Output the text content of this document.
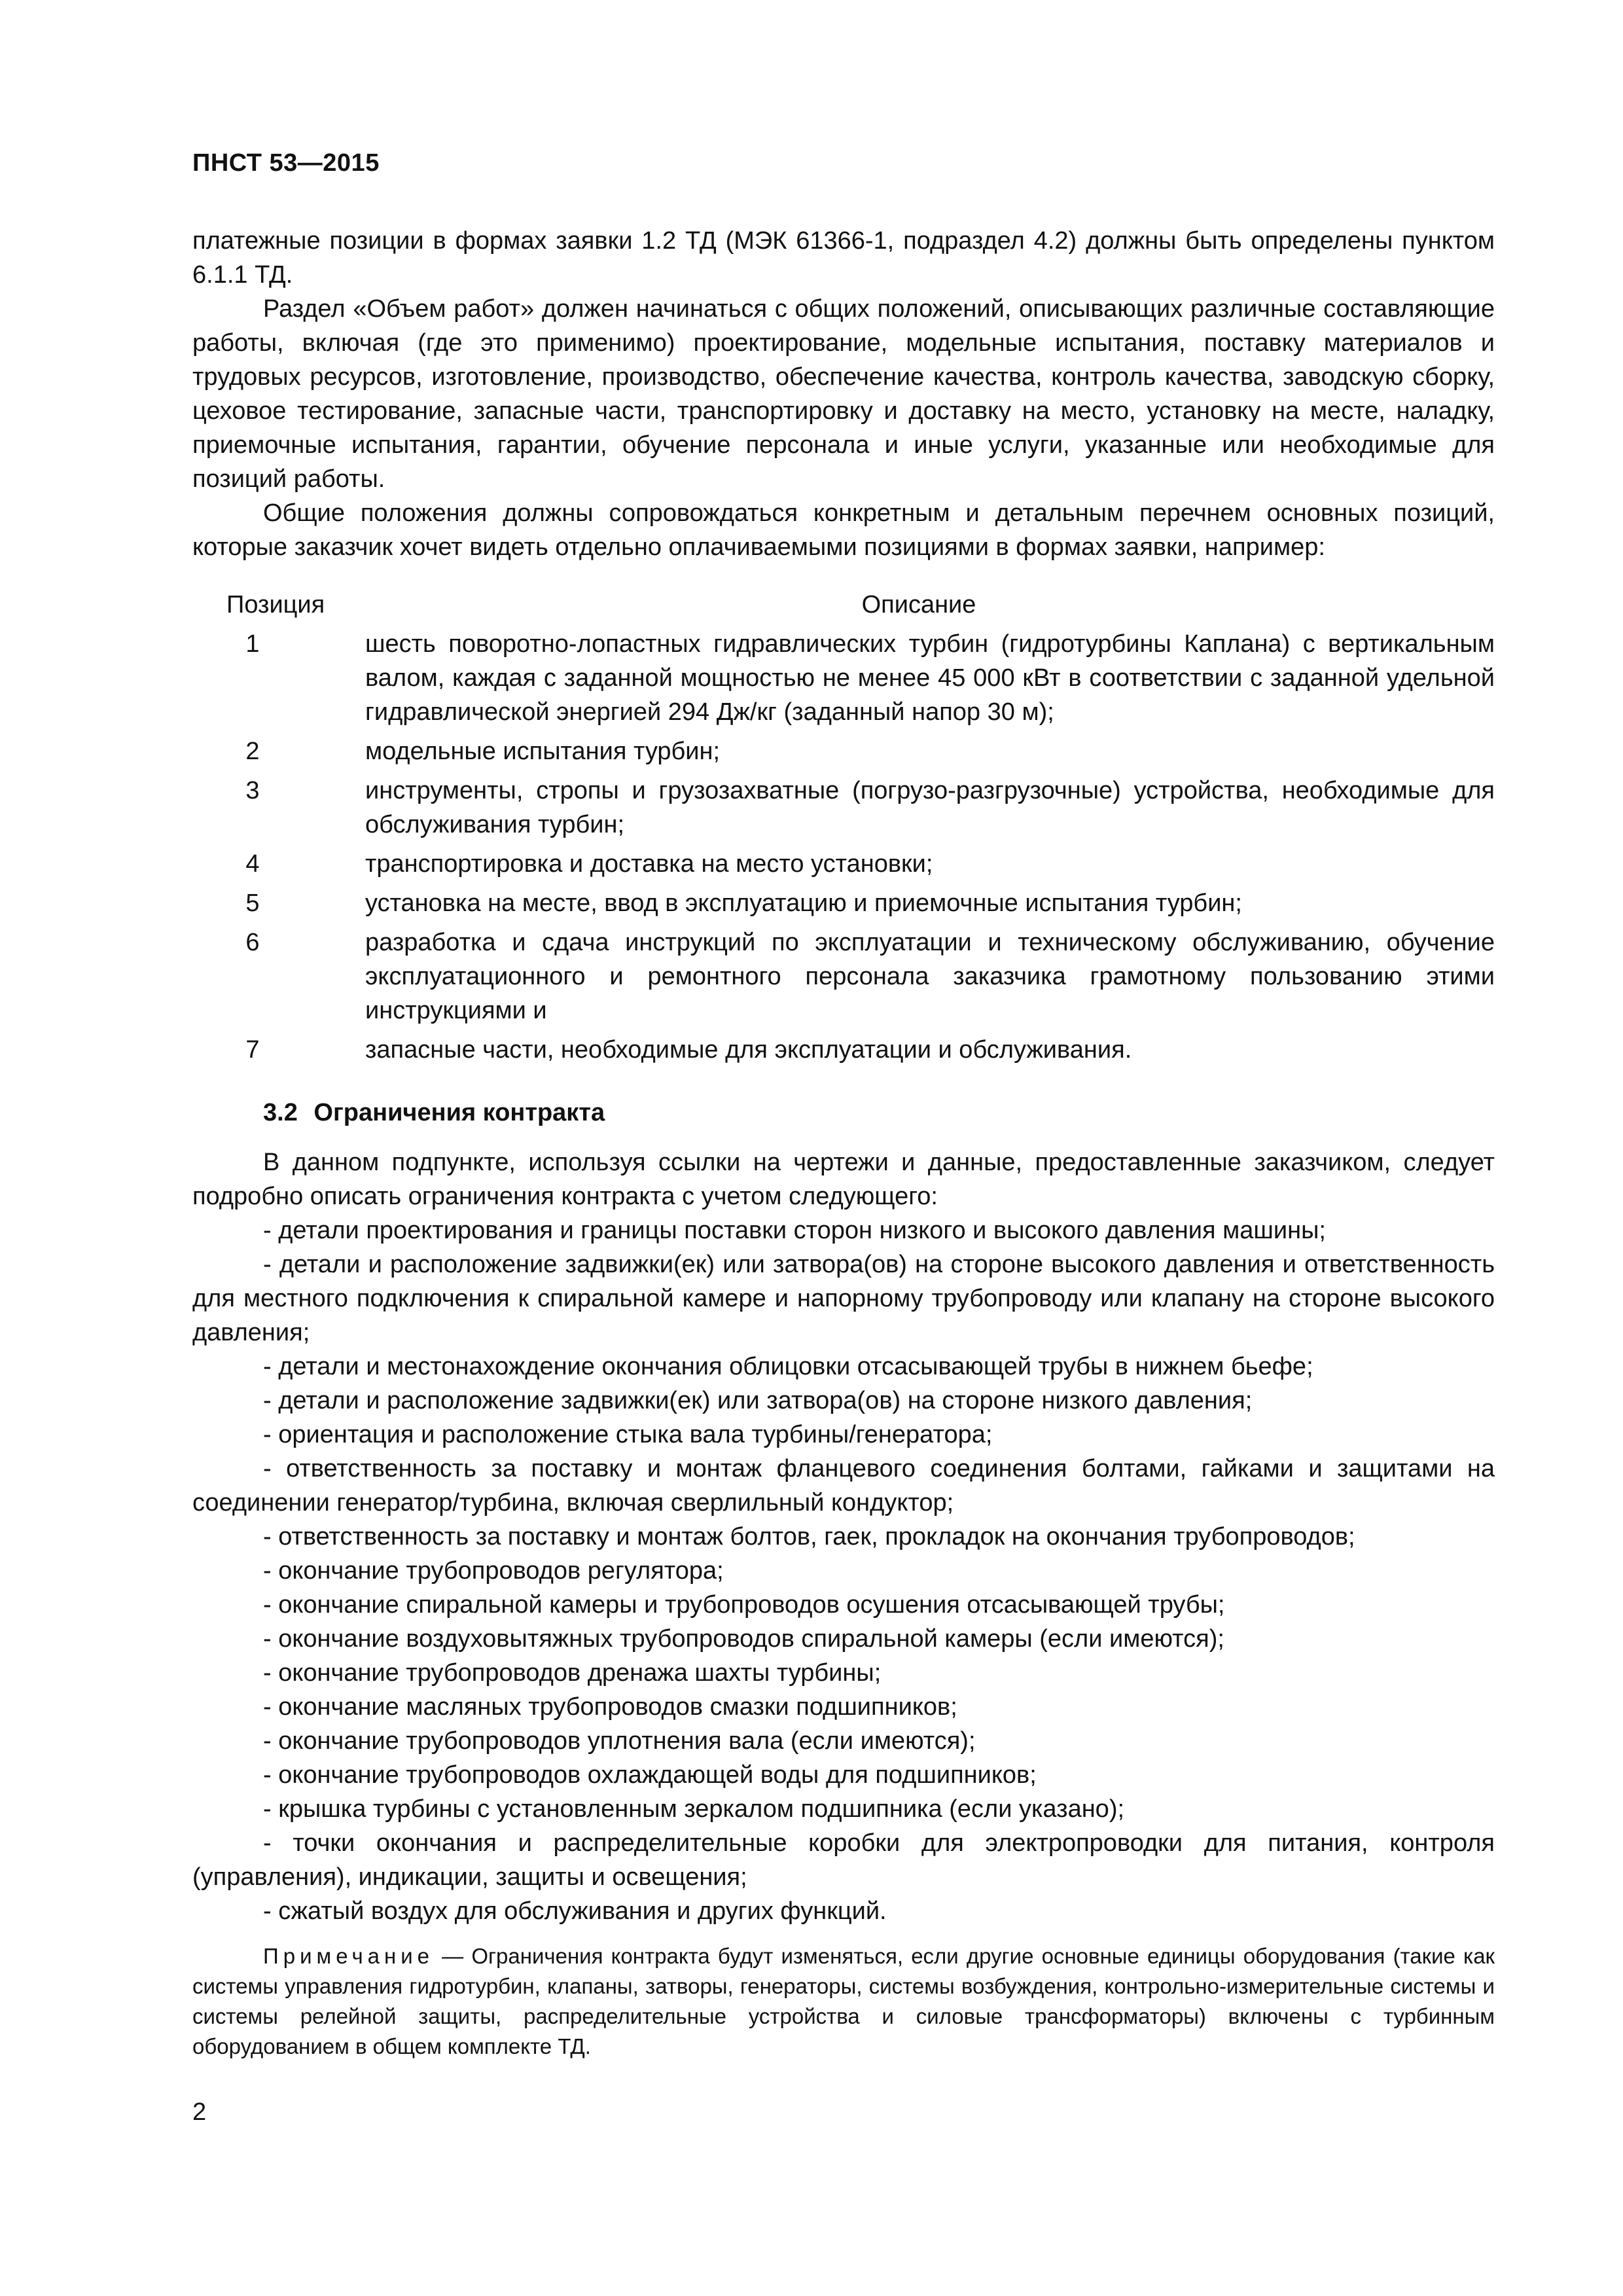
ПНСТ 53—2015

платежные позиции в формах заявки 1.2 ТД (МЭК 61366-1, подраздел 4.2) должны быть определены пунктом 6.1.1 ТД.

Раздел «Объем работ» должен начинаться с общих положений, описывающих различные составляющие работы, включая (где это применимо) проектирование, модельные испытания, поставку материалов и трудовых ресурсов, изготовление, производство, обеспечение качества, контроль качества, заводскую сборку, цеховое тестирование, запасные части, транспортировку и доставку на место, установку на месте, наладку, приемочные испытания, гарантии, обучение персонала и иные услуги, указанные или необходимые для позиций работы.

Общие положения должны сопровождаться конкретным и детальным перечнем основных позиций, которые заказчик хочет видеть отдельно оплачиваемыми позициями в формах заявки, например:

Позиция	Описание
1	шесть поворотно-лопастных гидравлических турбин (гидротурбины Каплана) с вертикальным валом, каждая с заданной мощностью не менее 45 000 кВт в соответствии с заданной удельной гидравлической энергией 294 Дж/кг (заданный напор 30 м);
2	модельные испытания турбин;
3	инструменты, стропы и грузозахватные (погрузо-разгрузочные) устройства, необходимые для обслуживания турбин;
4	транспортировка и доставка на место установки;
5	установка на месте, ввод в эксплуатацию и приемочные испытания турбин;
6	разработка и сдача инструкций по эксплуатации и техническому обслуживанию, обучение эксплуатационного и ремонтного персонала заказчика грамотному пользованию этими инструкциями и
7	запасные части, необходимые для эксплуатации и обслуживания.
3.2 Ограничения контракта

В данном подпункте, используя ссылки на чертежи и данные, предоставленные заказчиком, следует подробно описать ограничения контракта с учетом следующего:

- детали проектирования и границы поставки сторон низкого и высокого давления машины;

- детали и расположение задвижки(ек) или затвора(ов) на стороне высокого давления и ответственность для местного подключения к спиральной камере и напорному трубопроводу или клапану на стороне высокого давления;

- детали и местонахождение окончания облицовки отсасывающей трубы в нижнем бьефе;

- детали и расположение задвижки(ек) или затвора(ов) на стороне низкого давления;

- ориентация и расположение стыка вала турбины/генератора;

- ответственность за поставку и монтаж фланцевого соединения болтами, гайками и защитами на соединении генератор/турбина, включая сверлильный кондуктор;

- ответственность за поставку и монтаж болтов, гаек, прокладок на окончания трубопроводов;

- окончание трубопроводов регулятора;

- окончание спиральной камеры и трубопроводов осушения отсасывающей трубы;

- окончание воздуховытяжных трубопроводов спиральной камеры (если имеются);

- окончание трубопроводов дренажа шахты турбины;

- окончание масляных трубопроводов смазки подшипников;

- окончание трубопроводов уплотнения вала (если имеются);

- окончание трубопроводов охлаждающей воды для подшипников;

- крышка турбины с установленным зеркалом подшипника (если указано);

- точки окончания и распределительные коробки для электропроводки для питания, контроля (управления), индикации, защиты и освещения;

- сжатый воздух для обслуживания и других функций.

Примечание — Ограничения контракта будут изменяться, если другие основные единицы оборудования (такие как системы управления гидротурбин, клапаны, затворы, генераторы, системы возбуждения, контрольно-измерительные системы и системы релейной защиты, распределительные устройства и силовые трансформаторы) включены с турбинным оборудованием в общем комплекте ТД.

2
